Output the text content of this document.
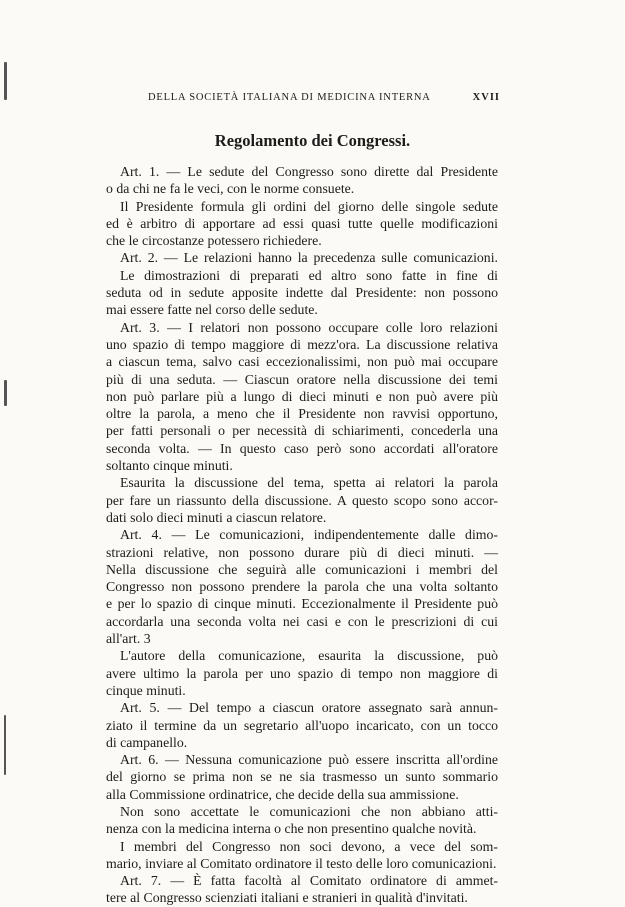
DELLA SOCIETÀ ITALIANA DI MEDICINA INTERNA	XVII
Regolamento dei Congressi.
Art. 1. — Le sedute del Congresso sono dirette dal Presidente
o da chi ne fa le veci, con le norme consuete.
Il Presidente formula gli ordini del giorno delle singole sedute
ed è arbitro di apportare ad essi quasi tutte quelle modificazioni
che le circostanze potessero richiedere.
Art. 2. — Le relazioni hanno la precedenza sulle comunicazioni.
Le dimostrazioni di preparati ed altro sono fatte in fine di
seduta od in sedute apposite indette dal Presidente: non possono
mai essere fatte nel corso delle sedute.
Art. 3. — I relatori non possono occupare colle loro relazioni
uno spazio di tempo maggiore di mezz'ora. La discussione relativa
a ciascun tema, salvo casi eccezionalissimi, non può mai occupare
più di una seduta. — Ciascun oratore nella discussione dei temi
non può parlare più a lungo di dieci minuti e non può avere più
oltre la parola, a meno che il Presidente non ravvisi opportuno,
per fatti personali o per necessità di schiarimenti, concederla una
seconda volta. — In questo caso però sono accordati all'oratore
soltanto cinque minuti.
Esaurita la discussione del tema, spetta ai relatori la parola
per fare un riassunto della discussione. A questo scopo sono accor-
dati solo dieci minuti a ciascun relatore.
Art. 4. — Le comunicazioni, indipendentemente dalle dimo-
strazioni relative, non possono durare più di dieci minuti. —
Nella discussione che seguirà alle comunicazioni i membri del
Congresso non possono prendere la parola che una volta soltanto
e per lo spazio di cinque minuti. Eccezionalmente il Presidente può
accordarla una seconda volta nei casi e con le prescrizioni di cui
all'art. 3
L'autore della comunicazione, esaurita la discussione, può
avere ultimo la parola per uno spazio di tempo non maggiore di
cinque minuti.
Art. 5. — Del tempo a ciascun oratore assegnato sarà annun-
ziato il termine da un segretario all'uopo incaricato, con un tocco
di campanello.
Art. 6. — Nessuna comunicazione può essere inscritta all'ordine
del giorno se prima non se ne sia trasmesso un sunto sommario
alla Commissione ordinatrice, che decide della sua ammissione.
Non sono accettate le comunicazioni che non abbiano atti-
nenza con la medicina interna o che non presentino qualche novità.
I membri del Congresso non soci devono, a vece del som-
mario, inviare al Comitato ordinatore il testo delle loro comunicazioni.
Art. 7. — È fatta facoltà al Comitato ordinatore di ammet-
tere al Congresso scienziati italiani e stranieri in qualità d'invitati.
